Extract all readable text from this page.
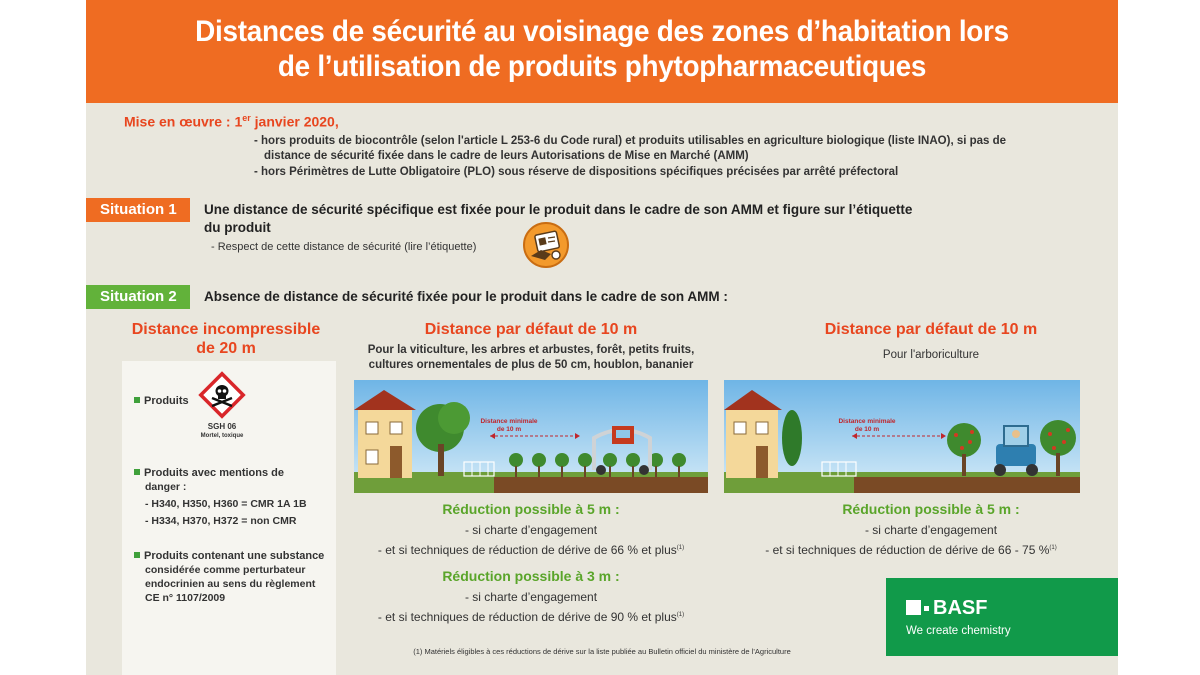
Distances de sécurité au voisinage des zones d’habitation lors
de l’utilisation de produits phytopharmaceutiques
Mise en œuvre : 1er janvier 2020,
- hors produits de biocontrôle (selon l'article L 253-6 du Code rural) et produits utilisables en agriculture biologique (liste INAO), si pas de
distance de sécurité fixée dans le cadre de leurs Autorisations de Mise en Marché (AMM)
- hors Périmètres de Lutte Obligatoire (PLO) sous réserve de dispositions spécifiques précisées par arrêté préfectoral
Situation 1	Une distance de sécurité spécifique est fixée pour le produit dans le cadre de son AMM et figure sur l’étiquette
du produit
- Respect de cette distance de sécurité (lire l’étiquette)
Situation 2	Absence de distance de sécurité fixée pour le produit dans le cadre de son AMM :
Distance incompressible
de 20 m
Distance par défaut de 10 m	Distance par défaut de 10 m
Pour la viticulture, les arbres et arbustes, forêt, petits fruits,
cultures ornementales de plus de 50 cm, houblon, bananier
Pour l'arboriculture
Produits
SGH 06
Mortel, toxique
Produits avec mentions de
danger :
- H340, H350, H360 = CMR 1A 1B
- H334, H370, H372 = non CMR
Produits contenant une substance
considérée comme perturbateur
endocrinien au sens du règlement
CE n° 1107/2009
Distance minimale
de 10 m
Distance minimale
de 10 m
Réduction possible à 5 m :
- si charte d’engagement
- et si techniques de réduction de dérive de 66 % et plus$^{(1)}$
Réduction possible à 3 m :
- si charte d’engagement
- et si techniques de réduction de dérive de 90 % et plus$^{(1)}$
Réduction possible à 5 m :
- si charte d’engagement
- et si techniques de réduction de dérive de 66 - 75 %$^{(1)}$
BASF
We create chemistry
(1) Matériels éligibles à ces réductions de dérive sur la liste publiée au Bulletin officiel du ministère de l’Agriculture
